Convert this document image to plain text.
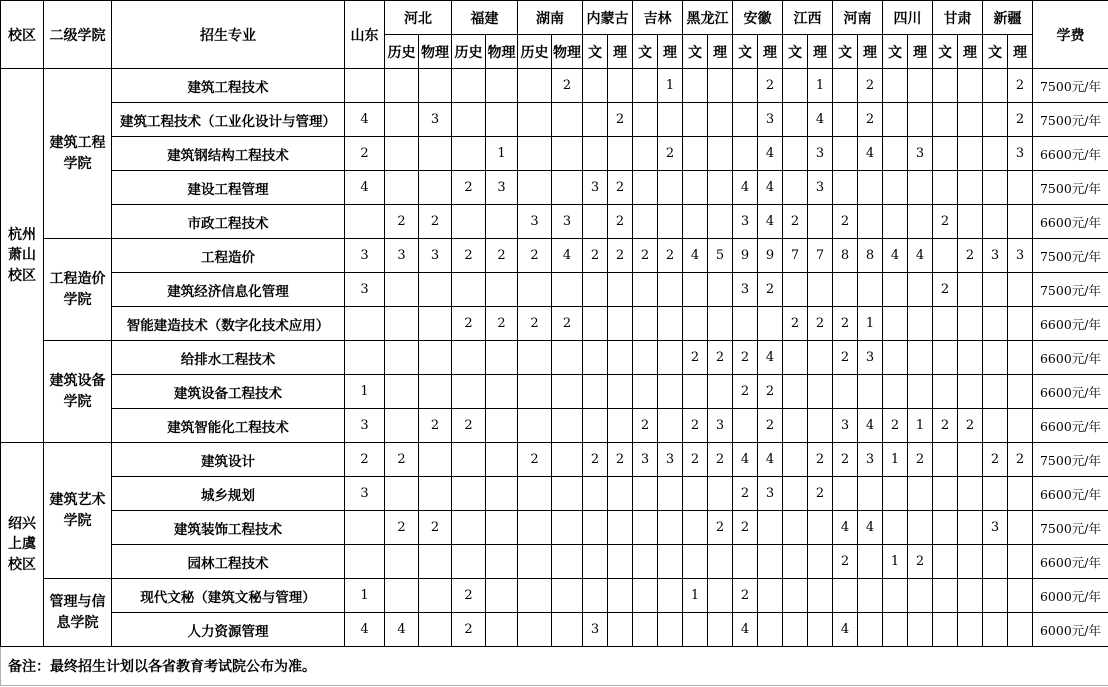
校区	二级学院	招生专业	山东	河北		福建		湖南		内蒙古		吉林		黑龙江		安徽		江西		河南		四川		甘肃		新疆		学费
				历史	物理	历史	物理	历史	物理	文	理	文	理	文	理	文	理	文	理	文	理	文	理	文	理	文	理	

杭州萧山校区	建筑工程学院	建筑工程技术							2				1				2		1		2						2	7500元/年
		建筑工程技术（工业化设计与管理）	4		3						2						3		4		2						2	7500元/年
		建筑钢结构工程技术	2				1						2				4		3		4		3				3	6600元/年
		建设工程管理	4			2	3			3	2					4	4		3									7500元/年
		市政工程技术		2	2			3	3		2					3	4	2		2				2				6600元/年

	工程造价学院	工程造价	3	3	3	2	2	2	4	2	2	2	2	4	5	9	9	7	7	8	8	4	4		2	3	3	7500元/年
		建筑经济信息化管理	3													3	2							2				7500元/年
		智能建造技术（数字化技术应用）				2	2	2	2									2	2	2	1							6600元/年

	建筑设备学院	给排水工程技术												2	2	2	4			2	3							6600元/年
		建筑设备工程技术	1													2	2											6600元/年
		建筑智能化工程技术	3		2	2						2		2	3		2			3	4	2	1	2	2			6600元/年

绍兴上虞校区	建筑艺术学院	建筑设计	2	2				2		2	2	3	3	2	2	4	4		2	2	3	1	2			2	2	7500元/年
		城乡规划	3													2	3		2									6600元/年
		建筑装饰工程技术		2	2										2	2				4	4					3		7500元/年
		园林工程技术																		2		1	2					6600元/年

	管理与信息学院	现代文秘（建筑文秘与管理）	1			2								1		2												6000元/年
		人力资源管理	4	4		2				3						4				4								6000元/年
备注：最终招生计划以各省教育考试院公布为准。																												
